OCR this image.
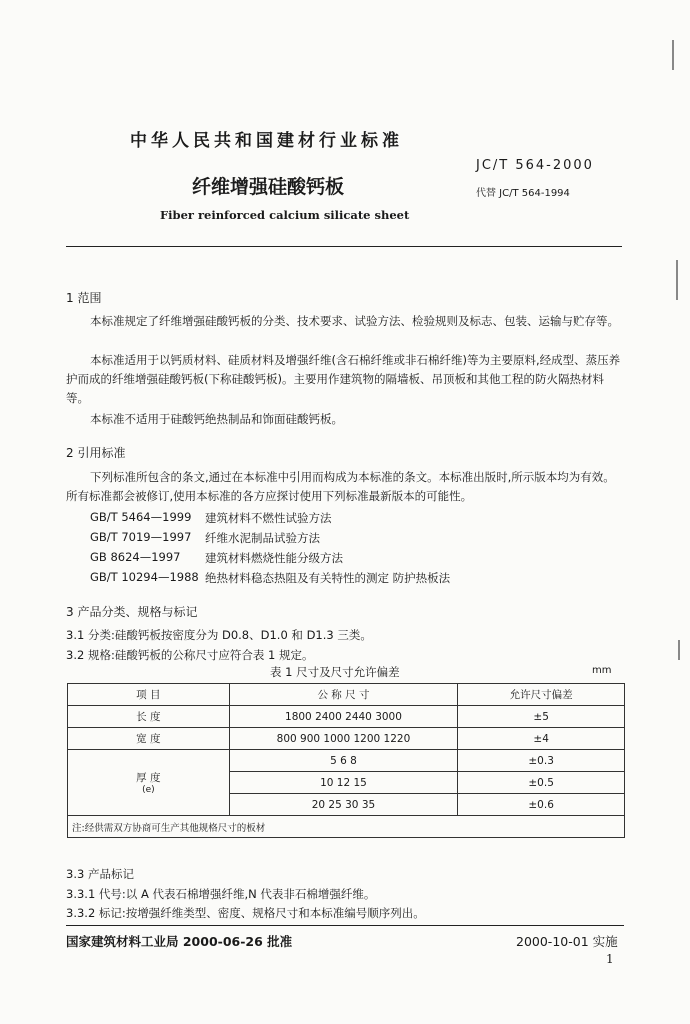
中华人民共和国建材行业标准
JC/T 564-2000
代替 JC/T 564-1994
纤维增强硅酸钙板
Fiber reinforced calcium silicate sheet
1 范围
本标准规定了纤维增强硅酸钙板的分类、技术要求、试验方法、检验规则及标志、包装、运输与贮存等。
本标准适用于以钙质材料、硅质材料及增强纤维(含石棉纤维或非石棉纤维)等为主要原料,经成型、蒸压养护而成的纤维增强硅酸钙板(下称硅酸钙板)。主要用作建筑物的隔墙板、吊顶板和其他工程的防火隔热材料等。
本标准不适用于硅酸钙绝热制品和饰面硅酸钙板。
2 引用标准
下列标准所包含的条文,通过在本标准中引用而构成为本标准的条文。本标准出版时,所示版本均为有效。所有标准都会被修订,使用本标准的各方应探讨使用下列标准最新版本的可能性。
GB/T 5464—1999 建筑材料不燃性试验方法
GB/T 7019—1997 纤维水泥制品试验方法
GB 8624—1997 建筑材料燃烧性能分级方法
GB/T 10294—1988 绝热材料稳态热阻及有关特性的测定 防护热板法
3 产品分类、规格与标记
3.1 分类:硅酸钙板按密度分为 D0.8、D1.0 和 D1.3 三类。
3.2 规格:硅酸钙板的公称尺寸应符合表 1 规定。
表 1 尺寸及尺寸允许偏差	mm
项 目	公 称 尺 寸	允许尺寸偏差
长 度	1800 2400 2440 3000	±5
宽 度	800 900 1000 1200 1220	±4

厚 度
(e)	5 6 8	±0.3
	10 12 15	±0.5
	20 25 30 35	±0.6
注:经供需双方协商可生产其他规格尺寸的板材		
3.3 产品标记
3.3.1 代号:以 A 代表石棉增强纤维,N 代表非石棉增强纤维。
3.3.2 标记:按增强纤维类型、密度、规格尺寸和本标准编号顺序列出。
国家建筑材料工业局 2000-06-26 批准	2000-10-01 实施
1
